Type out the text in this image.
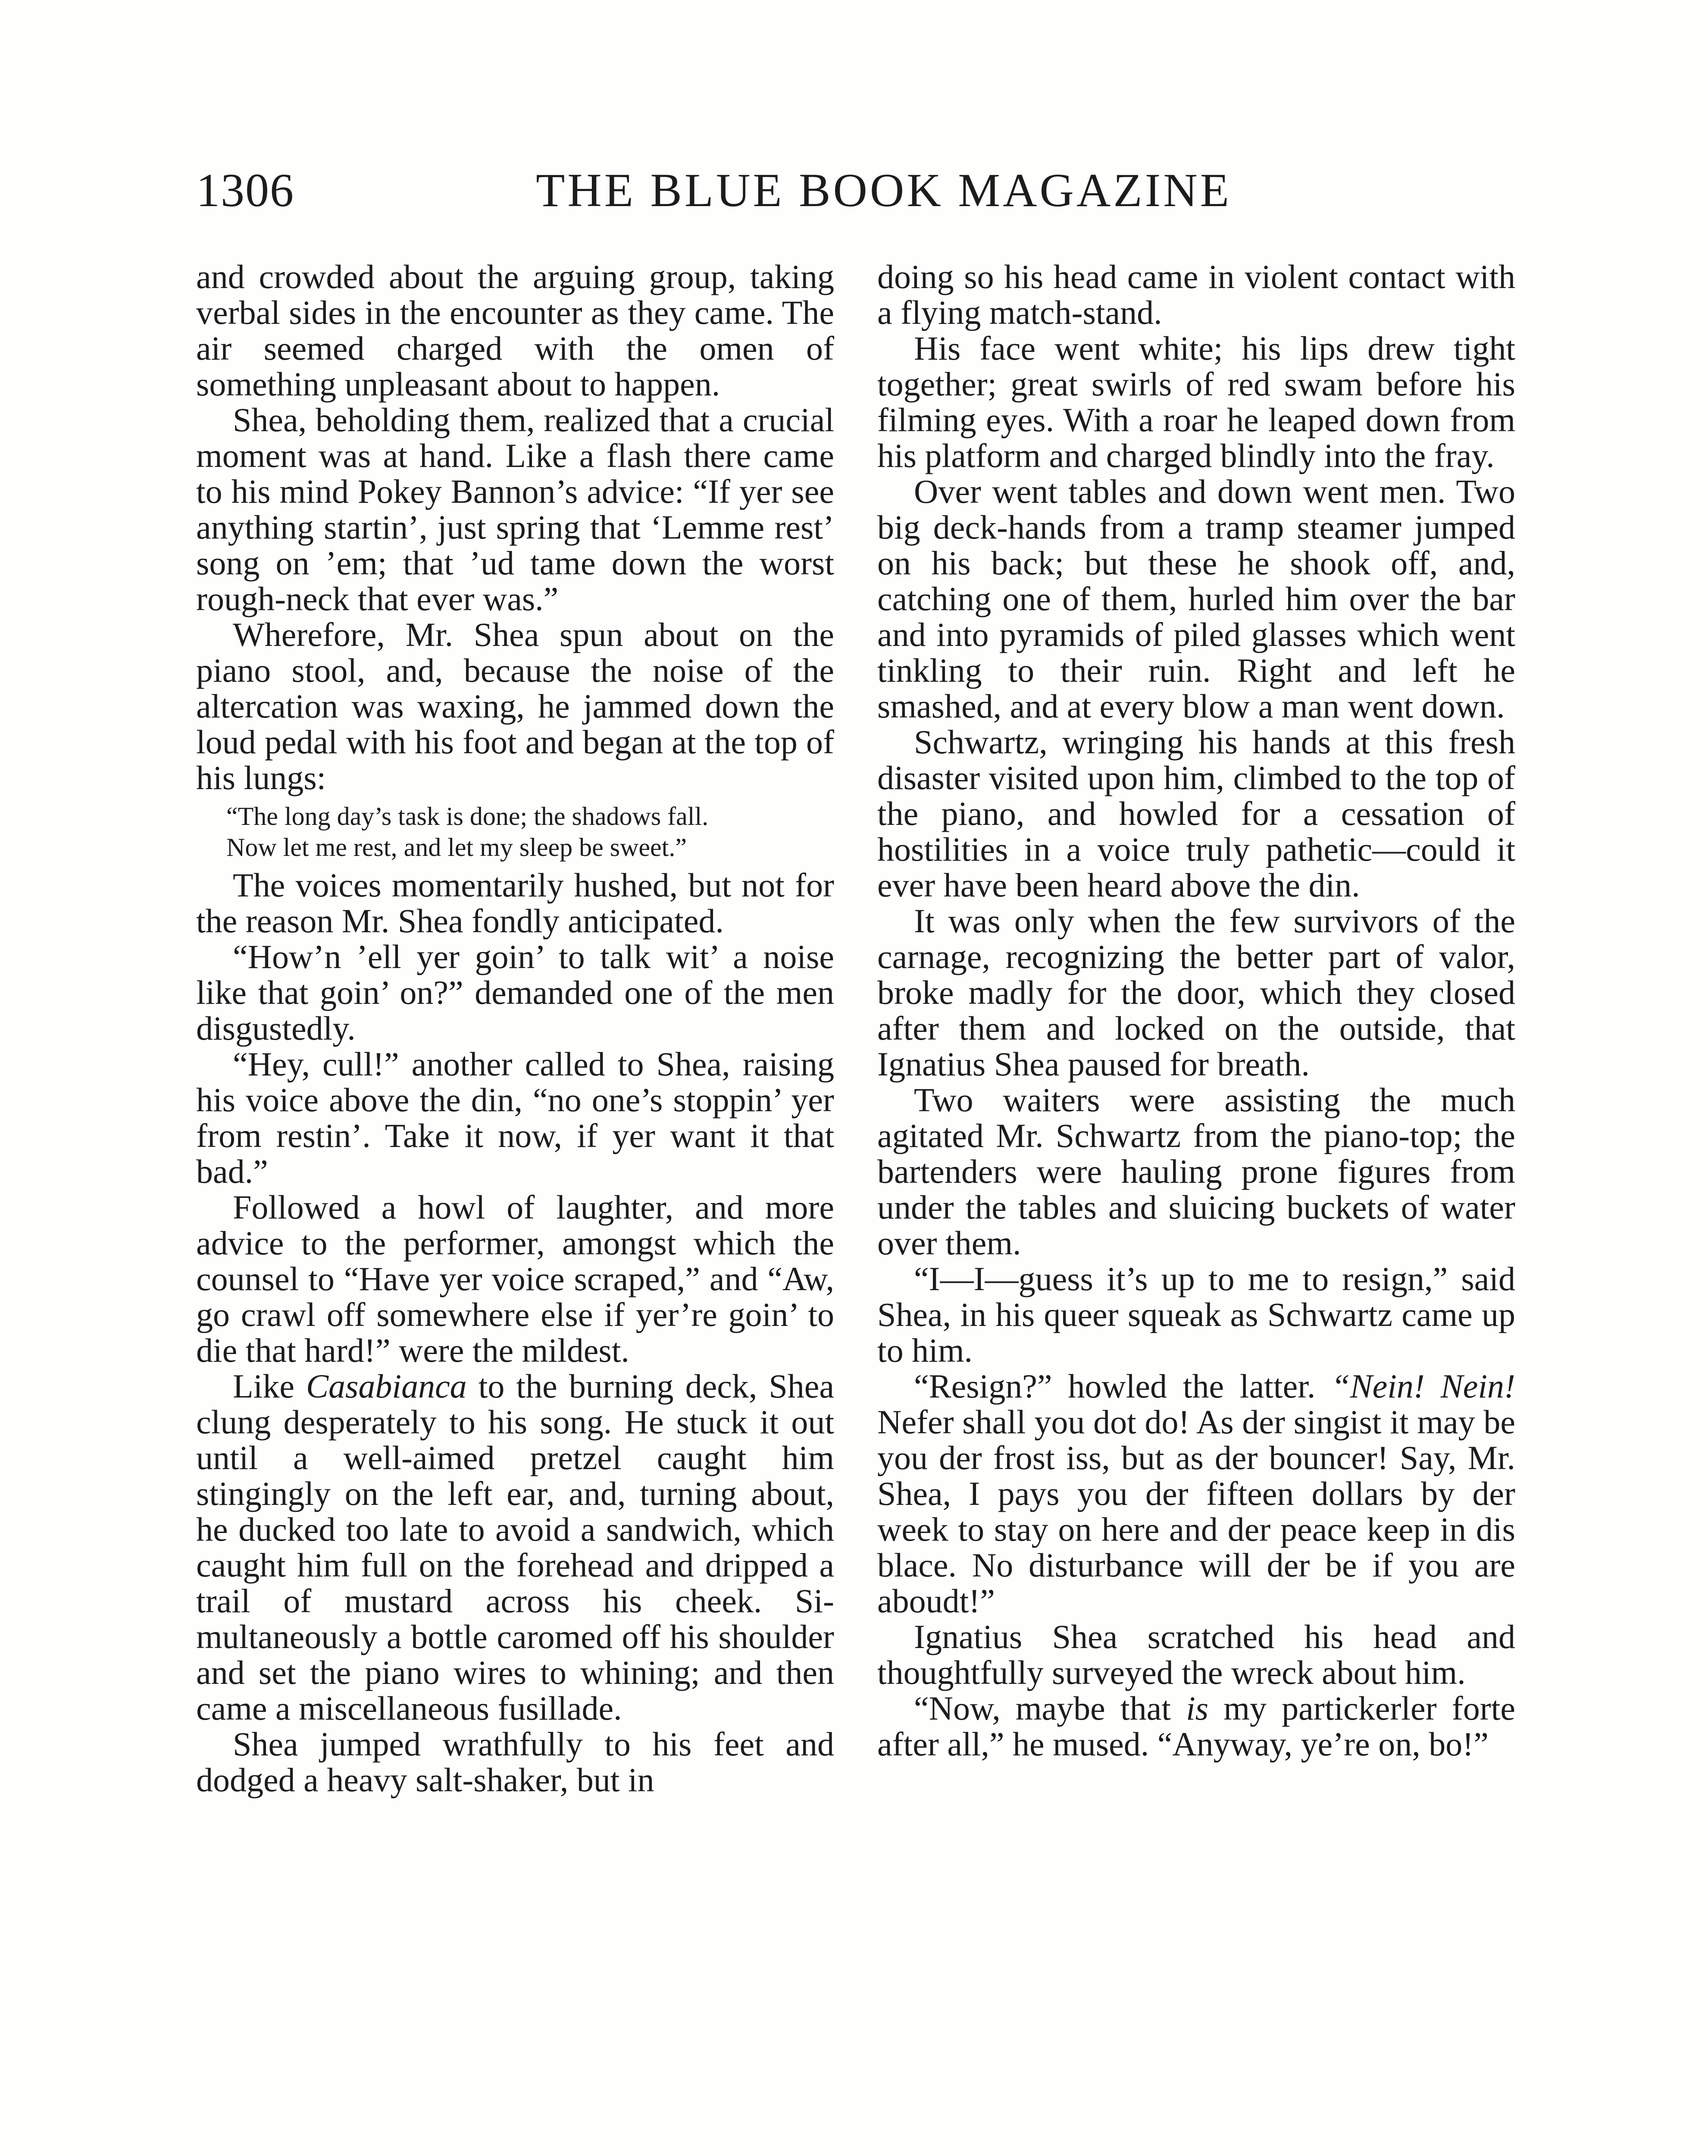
1306	THE BLUE BOOK MAGAZINE

and crowded about the arguing group, taking verbal sides in the encounter as they came. The air seemed charged with the omen of something unpleasant about to happen.

Shea, beholding them, realized that a crucial moment was at hand. Like a flash there came to his mind Pokey Bannon’s advice: “If yer see anything startin’, just spring that ‘Lemme rest’ song on ’em; that ’ud tame down the worst rough-neck that ever was.”

Wherefore, Mr. Shea spun about on the piano stool, and, because the noise of the altercation was waxing, he jammed down the loud pedal with his foot and began at the top of his lungs:

“The long day’s task is done; the shadows fall.

Now let me rest, and let my sleep be sweet.”

The voices momentarily hushed, but not for the reason Mr. Shea fondly anticipated.

“How’n ’ell yer goin’ to talk wit’ a noise like that goin’ on?” demanded one of the men disgustedly.

“Hey, cull!” another called to Shea, raising his voice above the din, “no one’s stoppin’ yer from restin’. Take it now, if yer want it that bad.”

Followed a howl of laughter, and more advice to the performer, amongst which the counsel to “Have yer voice scraped,” and “Aw, go crawl off somewhere else if yer’re goin’ to die that hard!” were the mildest.

Like Casabianca to the burning deck, Shea clung desperately to his song. He stuck it out until a well-aimed pretzel caught him stingingly on the left ear, and, turning about, he ducked too late to avoid a sandwich, which caught him full on the forehead and dripped a trail of mustard across his cheek. Simultaneously a bottle caromed off his shoulder and set the piano wires to whining; and then came a miscellaneous fusillade.

Shea jumped wrathfully to his feet and dodged a heavy salt-shaker, but in

doing so his head came in violent contact with a flying match-stand.

His face went white; his lips drew tight together; great swirls of red swam before his filming eyes. With a roar he leaped down from his platform and charged blindly into the fray.

Over went tables and down went men. Two big deck-hands from a tramp steamer jumped on his back; but these he shook off, and, catching one of them, hurled him over the bar and into pyramids of piled glasses which went tinkling to their ruin. Right and left he smashed, and at every blow a man went down.

Schwartz, wringing his hands at this fresh disaster visited upon him, climbed to the top of the piano, and howled for a cessation of hostilities in a voice truly pathetic—could it ever have been heard above the din.

It was only when the few survivors of the carnage, recognizing the better part of valor, broke madly for the door, which they closed after them and locked on the outside, that Ignatius Shea paused for breath.

Two waiters were assisting the much agitated Mr. Schwartz from the piano-top; the bartenders were hauling prone figures from under the tables and sluicing buckets of water over them.

“I—I—guess it’s up to me to resign,” said Shea, in his queer squeak as Schwartz came up to him.

“Resign?” howled the latter. “Nein! Nein! Nefer shall you dot do! As der singist it may be you der frost iss, but as der bouncer! Say, Mr. Shea, I pays you der fifteen dollars by der week to stay on here and der peace keep in dis blace. No disturbance will der be if you are aboudt!”

Ignatius Shea scratched his head and thoughtfully surveyed the wreck about him.

“Now, maybe that is my partickerler forte after all,” he mused. “Anyway, ye’re on, bo!”
